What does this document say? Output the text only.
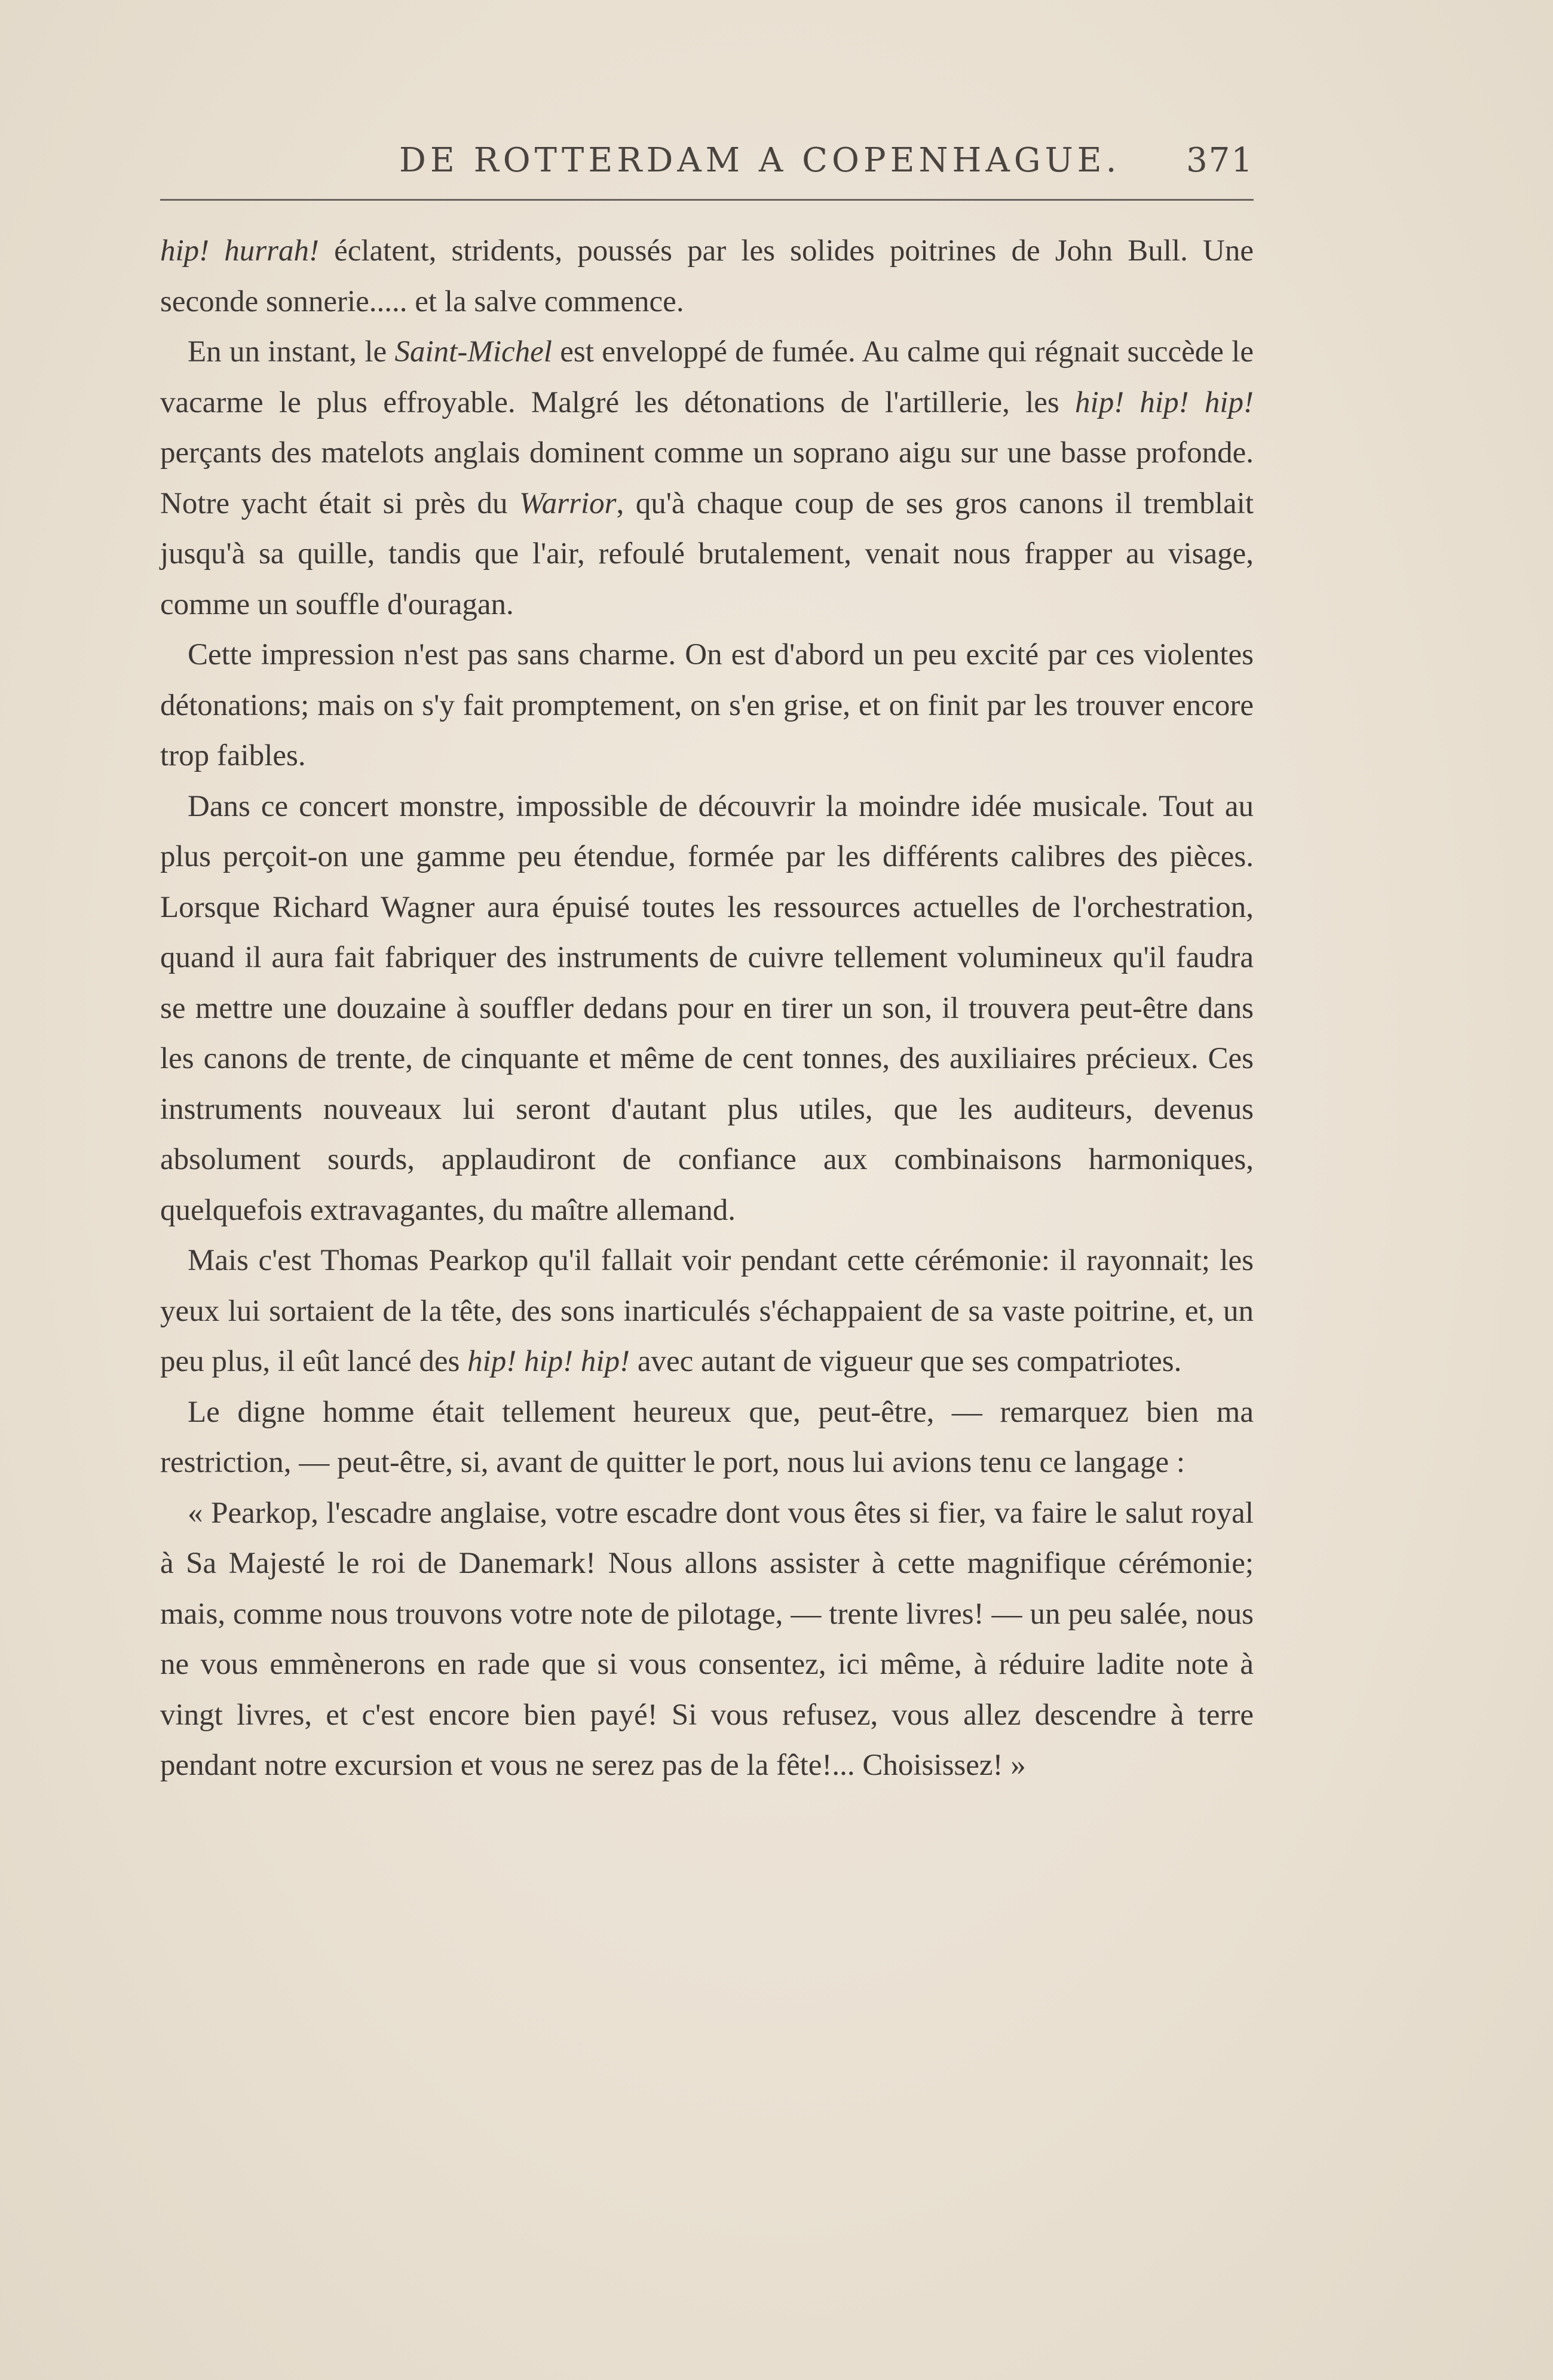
DE ROTTERDAM A COPENHAGUE. 371

hip! hurrah! éclatent, stridents, poussés par les solides poitrines de John Bull. Une seconde sonnerie..... et la salve commence.

En un instant, le Saint-Michel est enveloppé de fumée. Au calme qui régnait succède le vacarme le plus effroyable. Malgré les détonations de l'artillerie, les hip! hip! hip! perçants des matelots anglais dominent comme un soprano aigu sur une basse profonde. Notre yacht était si près du Warrior, qu'à chaque coup de ses gros canons il tremblait jusqu'à sa quille, tandis que l'air, refoulé brutalement, venait nous frapper au visage, comme un souffle d'ouragan.

Cette impression n'est pas sans charme. On est d'abord un peu excité par ces violentes détonations; mais on s'y fait promptement, on s'en grise, et on finit par les trouver encore trop faibles.

Dans ce concert monstre, impossible de découvrir la moindre idée musicale. Tout au plus perçoit-on une gamme peu étendue, formée par les différents calibres des pièces. Lorsque Richard Wagner aura épuisé toutes les ressources actuelles de l'orchestration, quand il aura fait fabriquer des instruments de cuivre tellement volumineux qu'il faudra se mettre une douzaine à souffler dedans pour en tirer un son, il trouvera peut-être dans les canons de trente, de cinquante et même de cent tonnes, des auxiliaires précieux. Ces instruments nouveaux lui seront d'autant plus utiles, que les auditeurs, devenus absolument sourds, applaudiront de confiance aux combinaisons harmoniques, quelquefois extravagantes, du maître allemand.

Mais c'est Thomas Pearkop qu'il fallait voir pendant cette cérémonie: il rayonnait; les yeux lui sortaient de la tête, des sons inarticulés s'échappaient de sa vaste poitrine, et, un peu plus, il eût lancé des hip! hip! hip! avec autant de vigueur que ses compatriotes.

Le digne homme était tellement heureux que, peut-être, — remarquez bien ma restriction, — peut-être, si, avant de quitter le port, nous lui avions tenu ce langage :

« Pearkop, l'escadre anglaise, votre escadre dont vous êtes si fier, va faire le salut royal à Sa Majesté le roi de Danemark! Nous allons assister à cette magnifique cérémonie; mais, comme nous trouvons votre note de pilotage, — trente livres! — un peu salée, nous ne vous emmènerons en rade que si vous consentez, ici même, à réduire ladite note à vingt livres, et c'est encore bien payé! Si vous refusez, vous allez descendre à terre pendant notre excursion et vous ne serez pas de la fête!... Choisissez! »
